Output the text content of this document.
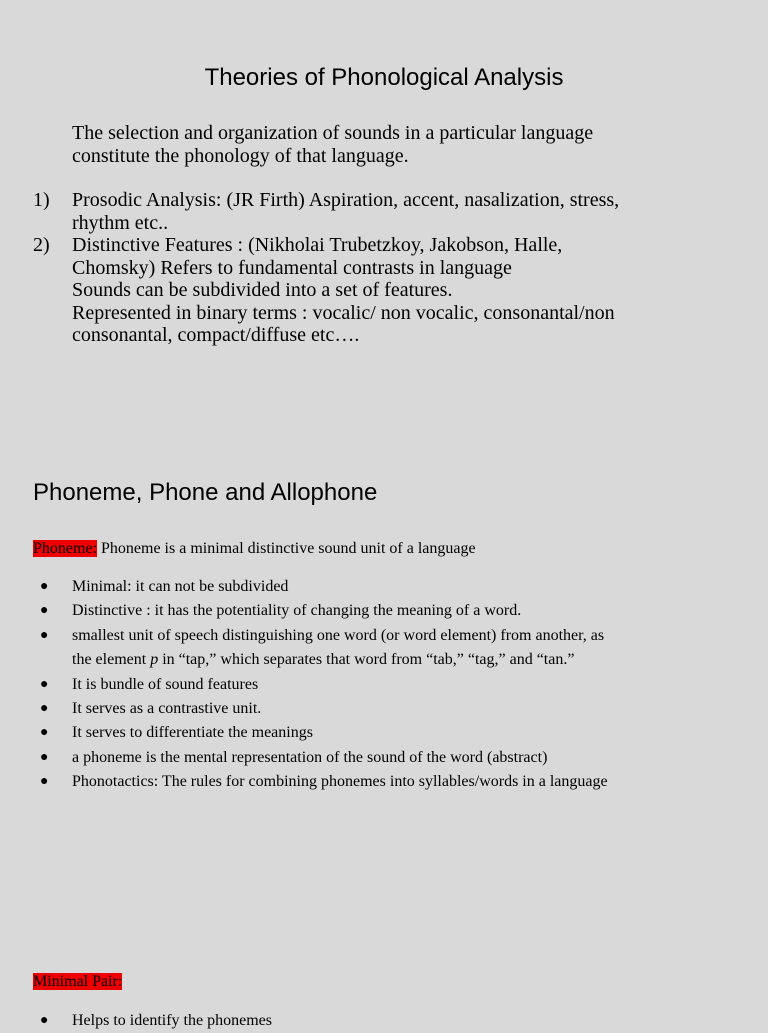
Theories of Phonological Analysis
The selection and organization of sounds in a particular language
constitute the phonology of that language.
1) Prosodic Analysis: (JR Firth) Aspiration, accent, nasalization, stress,
rhythm etc..
2) Distinctive Features : (Nikholai Trubetzkoy, Jakobson, Halle,
Chomsky) Refers to fundamental contrasts in language
Sounds can be subdivided into a set of features.
Represented in binary terms : vocalic/ non vocalic, consonantal/non
consonantal, compact/diffuse etc….
Phoneme, Phone and Allophone
Phoneme: Phoneme is a minimal distinctive sound unit of a language
● Minimal: it can not be subdivided
● Distinctive : it has the potentiality of changing the meaning of a word.
● smallest unit of speech distinguishing one word (or word element) from another, as
the element p in “tap,” which separates that word from “tab,” “tag,” and “tan.”
● It is bundle of sound features
● It serves as a contrastive unit.
● It serves to differentiate the meanings
● a phoneme is the mental representation of the sound of the word (abstract)
● Phonotactics: The rules for combining phonemes into syllables/words in a language
Minimal Pair:
● Helps to identify the phonemes
